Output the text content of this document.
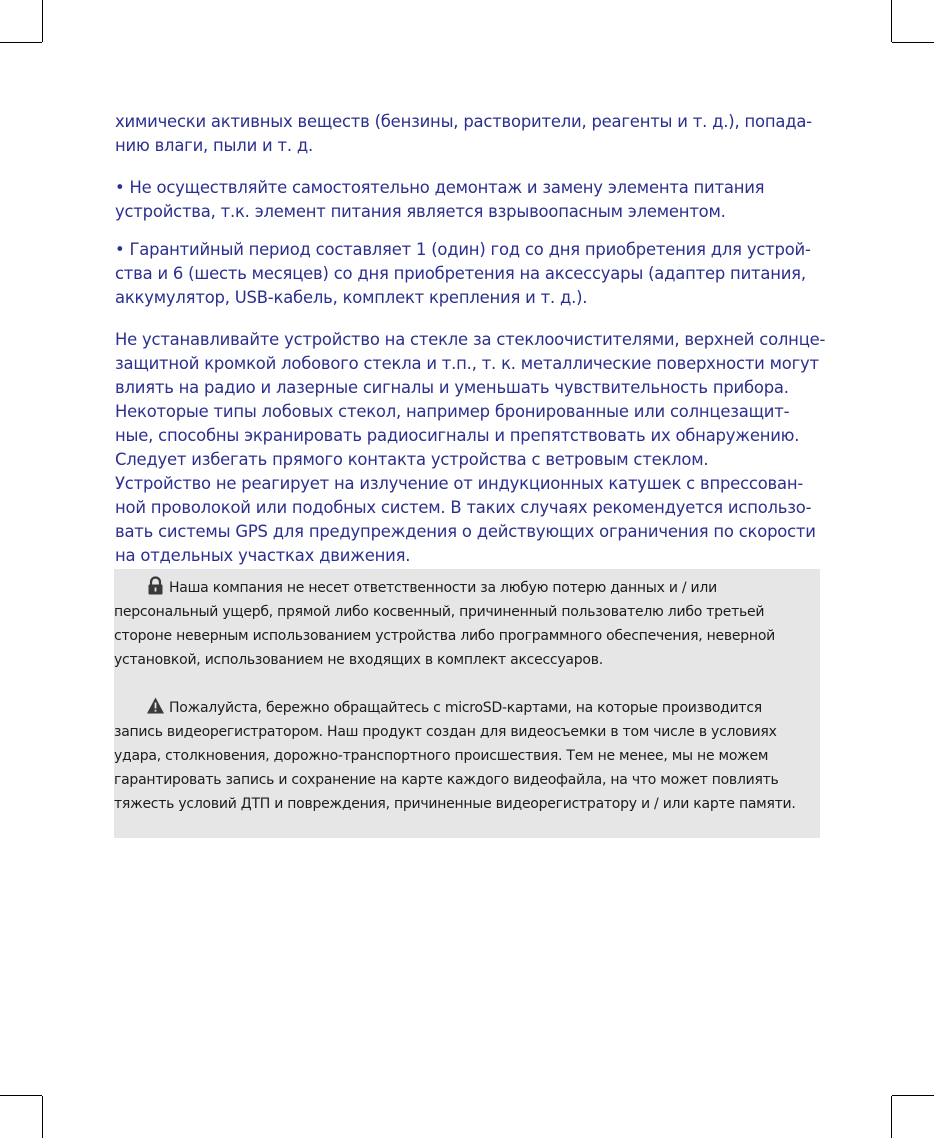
химически активных веществ (бензины, растворители, реагенты и т. д.), попада-
нию влаги, пыли и т. д.
• Не осуществляйте самостоятельно демонтаж и замену элемента питания
устройства, т.к. элемент питания является взрывоопасным элементом.
• Гарантийный период составляет 1 (один) год со дня приобретения для устрой-
ства и 6 (шесть месяцев) со дня приобретения на аксессуары (адаптер питания,
аккумулятор, USB-кабель, комплект крепления и т. д.).
Не устанавливайте устройство на стекле за стеклоочистителями, верхней солнце-
защитной кромкой лобового стекла и т.п., т. к. металлические поверхности могут
влиять на радио и лазерные сигналы и уменьшать чувствительность прибора.
Некоторые типы лобовых стекол, например бронированные или солнцезащит-
ные, способны экранировать радиосигналы и препятствовать их обнаружению.
Следует избегать прямого контакта устройства с ветровым стеклом.
Устройство не реагирует на излучение от индукционных катушек с впрессован-
ной проволокой или подобных систем. В таких случаях рекомендуется использо-
вать системы GPS для предупреждения о действующих ограничения по скорости
на отдельных участках движения.
Наша компания не несет ответственности за любую потерю данных и / или
персональный ущерб, прямой либо косвенный, причиненный пользователю либо третьей
стороне неверным использованием устройства либо программного обеспечения, неверной
установкой, использованием не входящих в комплект аксессуаров.
Пожалуйста, бережно обращайтесь с microSD-картами, на которые производится
запись видеорегистратором. Наш продукт создан для видеосъемки в том числе в условиях
удара, столкновения, дорожно-транспортного происшествия. Тем не менее, мы не можем
гарантировать запись и сохранение на карте каждого видеофайла, на что может повлиять
тяжесть условий ДТП и повреждения, причиненные видеорегистратору и / или карте памяти.
